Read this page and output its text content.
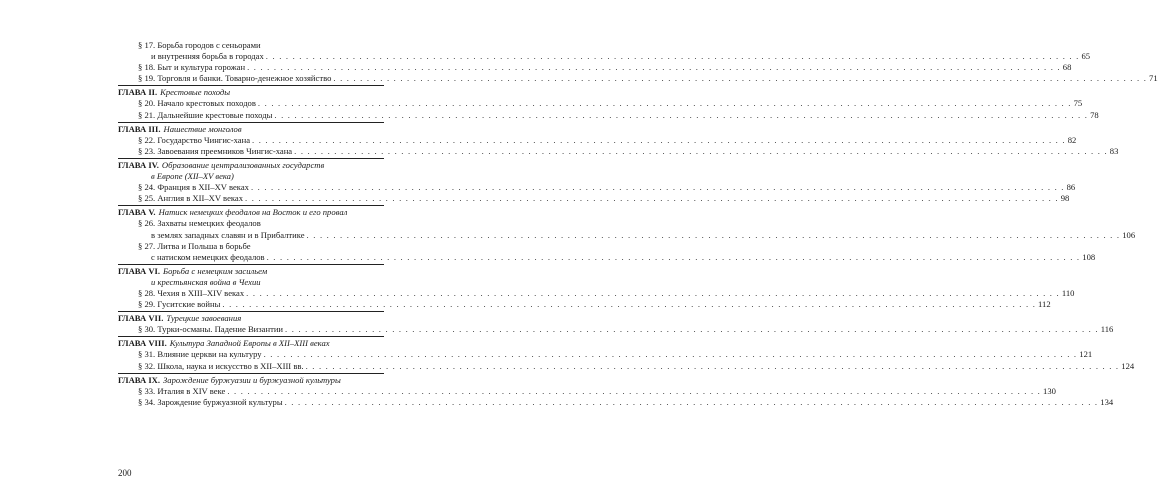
§ 17. Борьба городов с сеньорами
и внутренняя борьба в городах . . .	65
§ 18. Быт и культура горожан . . .	68
§ 19. Торговля и банки. Товарно-денежное хозяйство . . .	71
ГЛАВА II. Крестовые походы
§ 20. Начало крестовых походов . . .	75
§ 21. Дальнейшие крестовые походы . . .	78
ГЛАВА III. Нашествие монголов
§ 22. Государство Чингис-хана . . .	82
§ 23. Завоевания преемников Чингис-хана . . .	83
ГЛАВА IV. Образование централизованных государств
в Европе (XII–XV века)
§ 24. Франция в XII–XV веках . . .	86
§ 25. Англия в XII–XV веках . . .	98
ГЛАВА V. Натиск немецких феодалов на Восток и его провал
§ 26. Захваты немецких феодалов
в землях западных славян и в Прибалтике . . .	106
§ 27. Литва и Польша в борьбе
с натиском немецких феодалов . . .	108
ГЛАВА VI. Борьба с немецким засильем
и крестьянская война в Чехии
§ 28. Чехия в XIII–XIV веках . . .	110
§ 29. Гуситские войны . . .	112
ГЛАВА VII. Турецкие завоевания
§ 30. Турки-османы. Падение Византии . . .	116
ГЛАВА VIII. Культура Западной Европы в XII–XIII веках
§ 31. Влияние церкви на культуру . . .	121
§ 32. Школа, наука и искусство в XII–XIII вв. . . .	124
ГЛАВА IX. Зарождение буржуазии и буржуазной культуры
§ 33. Италия в XIV веке . . .	130
§ 34. Зарождение буржуазной культуры . . .	134
200
